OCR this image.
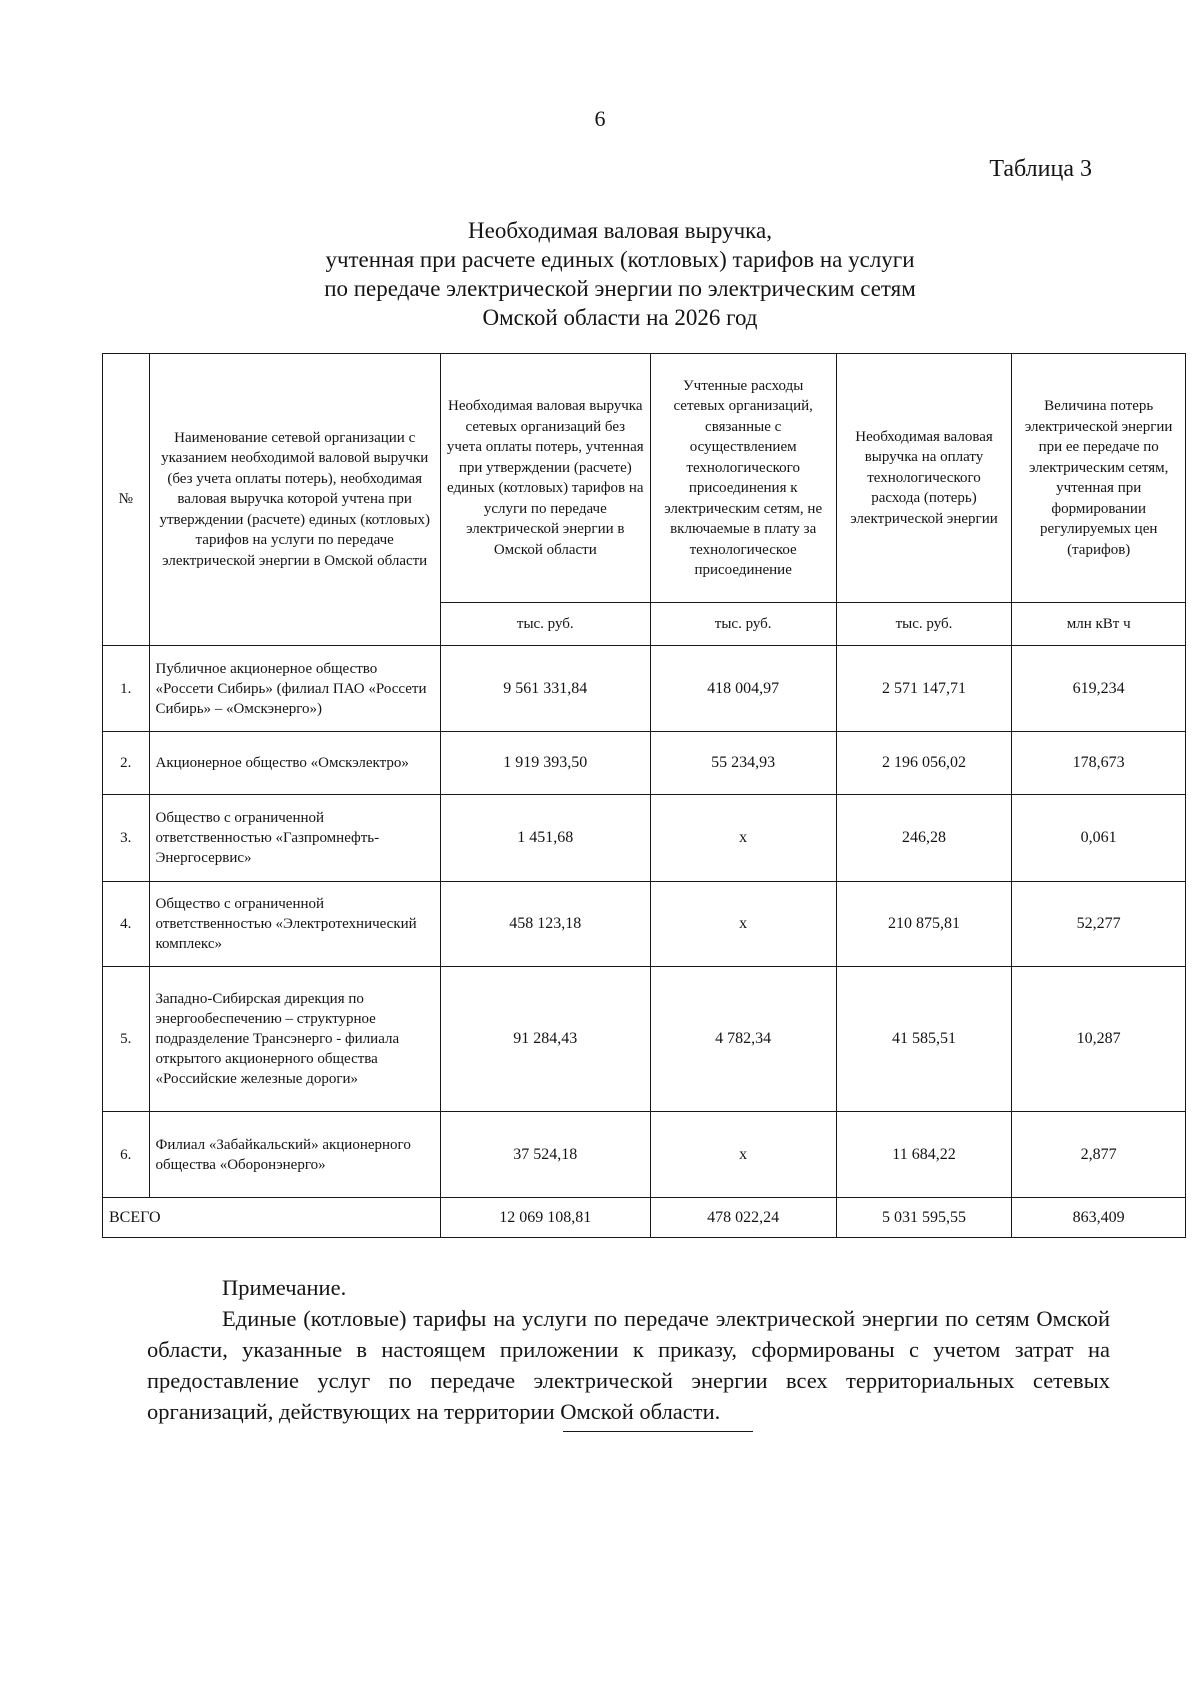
6
Таблица 3
Необходимая валовая выручка,
учтенная при расчете единых (котловых) тарифов на услуги
по передаче электрической энергии по электрическим сетям
Омской области на 2026 год
№	Наименование сетевой организации с указанием необходимой валовой выручки (без учета оплаты потерь), необходимая валовая выручка которой учтена при утверждении (расчете) единых (котловых) тарифов на услуги по передаче электрической энергии в Омской области	Необходимая валовая выручка сетевых организаций без учета оплаты потерь, учтенная при утверждении (расчете) единых (котловых) тарифов на услуги по передаче электрической энергии в Омской области	Учтенные расходы сетевых организаций, связанные с осуществлением технологического присоединения к электрическим сетям, не включаемые в плату за технологическое присоединение	Необходимая валовая выручка на оплату технологического расхода (потерь) электрической энергии	Величина потерь электрической энергии при ее передаче по электрическим сетям, учтенная при формировании регулируемых цен (тарифов)
		тыс. руб.	тыс. руб.	тыс. руб.	млн кВт ч
1.	Публичное акционерное общество «Россети Сибирь» (филиал ПАО «Россети Сибирь» – «Омскэнерго»)	9 561 331,84	418 004,97	2 571 147,71	619,234
2.	Акционерное общество «Омскэлектро»	1 919 393,50	55 234,93	2 196 056,02	178,673
3.	Общество с ограниченной ответственностью «Газпромнефть-Энергосервис»	1 451,68	x	246,28	0,061
4.	Общество с ограниченной ответственностью «Электротехнический комплекс»	458 123,18	x	210 875,81	52,277
5.	Западно-Сибирская дирекция по энергообеспечению – структурное подразделение Трансэнерго - филиала открытого акционерного общества «Российские железные дороги»	91 284,43	4 782,34	41 585,51	10,287
6.	Филиал «Забайкальский» акционерного общества «Оборонэнерго»	37 524,18	x	11 684,22	2,877
ВСЕГО		12 069 108,81	478 022,24	5 031 595,55	863,409
Примечание.
Единые (котловые) тарифы на услуги по передаче электрической энергии по сетям Омской области, указанные в настоящем приложении к приказу, сформированы с учетом затрат на предоставление услуг по передаче электрической энергии всех территориальных сетевых организаций, действующих на территории Омской области.
